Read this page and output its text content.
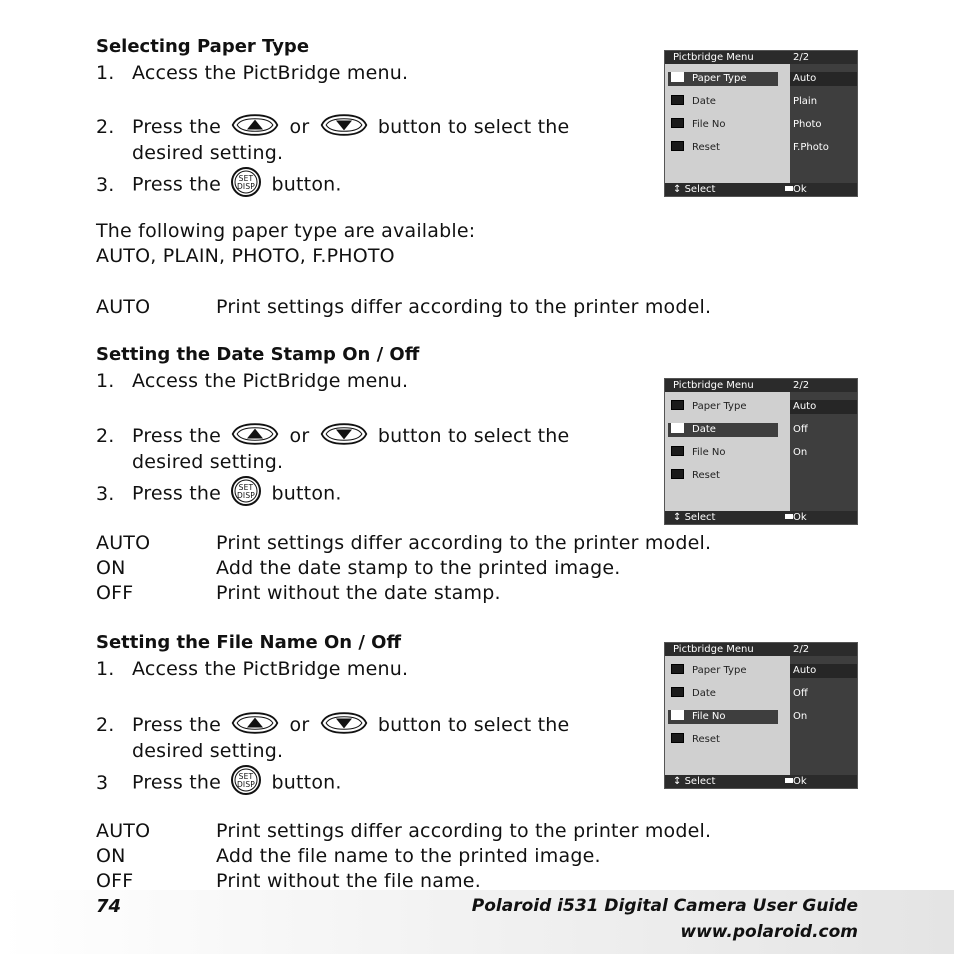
Selecting Paper Type
1. Access the PictBridge menu.
2. Press the	or	button to select the
desired setting.
3. Press the SET
DISP button.
The following paper type are available:
AUTO, PLAIN, PHOTO, F.PHOTO
AUTO	Print settings differ according to the printer model.
Pictbridge Menu	2/2
Paper Type
Date
File No
Reset
Auto
Plain
Photo
F.Photo
↕ Select	Ok
Setting the Date Stamp On / Off
1. Access the PictBridge menu.
2. Press the	or	button to select the
desired setting.
3. Press the SET
DISP button.
AUTO	Print settings differ according to the printer model.
ON	Add the date stamp to the printed image.
OFF	Print without the date stamp.
Pictbridge Menu	2/2
Paper Type
Date
File No
Reset
Auto
Off
On
↕ Select	Ok
Setting the File Name On / Off
1. Access the PictBridge menu.
2. Press the	or	button to select the
desired setting.
3 Press the SET
DISP button.
AUTO	Print settings differ according to the printer model.
ON	Add the file name to the printed image.
OFF	Print without the file name.
Pictbridge Menu	2/2
Paper Type
Date
File No
Reset
Auto
Off
On
↕ Select	Ok
74	Polaroid i531 Digital Camera User Guide
www.polaroid.com
